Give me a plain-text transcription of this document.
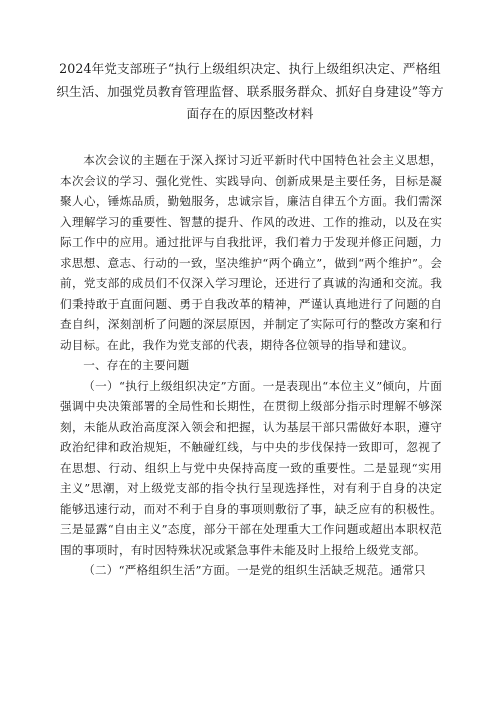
2024年党支部班子“执行上级组织决定、执行上级组织决定、严格组织生活、加强党员教育管理监督、联系服务群众、抓好自身建设”等方面存在的原因整改材料

本次会议的主题在于深入探讨习近平新时代中国特色社会主义思想，本次会议的学习、强化党性、实践导向、创新成果是主要任务，目标是凝聚人心，锤炼品质，勤勉服务，忠诚宗旨，廉洁自律五个方面。我们需深入理解学习的重要性、智慧的提升、作风的改进、工作的推动，以及在实际工作中的应用。通过批评与自我批评，我们着力于发现并修正问题，力求思想、意志、行动的一致，坚决维护“两个确立”，做到“两个维护”。会前，党支部的成员们不仅深入学习理论，还进行了真诚的沟通和交流。我们秉持敢于直面问题、勇于自我改革的精神，严谨认真地进行了问题的自查自纠，深刻剖析了问题的深层原因，并制定了实际可行的整改方案和行动目标。在此，我作为党支部的代表，期待各位领导的指导和建议。

一、存在的主要问题

（一）“执行上级组织决定”方面。一是表现出“本位主义”倾向，片面强调中央决策部署的全局性和长期性，在贯彻上级部分指示时理解不够深刻，未能从政治高度深入领会和把握，认为基层干部只需做好本职，遵守政治纪律和政治规矩，不触碰红线，与中央的步伐保持一致即可，忽视了在思想、行动、组织上与党中央保持高度一致的重要性。二是显现“实用主义”思潮，对上级党支部的指令执行呈现选择性，对有利于自身的决定能够迅速行动，而对不利于自身的事项则敷衍了事，缺乏应有的积极性。三是显露“自由主义”态度，部分干部在处理重大工作问题或超出本职权范围的事项时，有时因特殊状况或紧急事件未能及时上报给上级党支部。

（二）“严格组织生活”方面。一是党的组织生活缺乏规范。通常只
